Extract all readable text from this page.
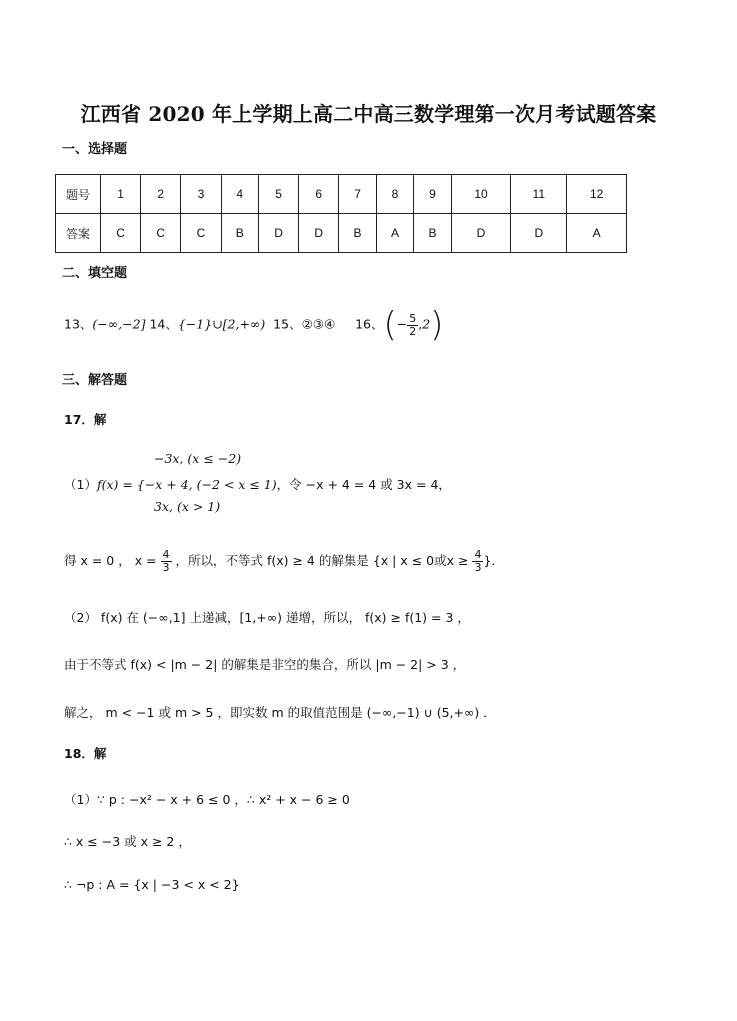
江西省 2020 年上学期上高二中高三数学理第一次月考试题答案
一、选择题
题号	1	2	3	4	5	6	7	8	9	10	11	12
答案	C	C	C	B	D	D	B	A	B	D	D	A
二、填空题
13、(−∞,−2] 14、{−1}∪[2,+∞) 15、②③④ 16、(− $\frac{5}{2} ,2$)
三、解答题
17．解
−3x, (x ≤ −2)
（1）f(x) = {−x + 4, (−2 < x ≤ 1)，令 −x + 4 = 4 或 3x = 4，
3x, (x > 1)
得 x = 0 ， $x = \frac{4}{3}$ ，所以，不等式 f(x) ≥ 4 的解集是 {x | x ≤ 0或$x \ge \frac{4}{3}$ }．
（2） f(x) 在 (−∞,1] 上递减，[1,+∞) 递增，所以， f(x) ≥ f(1) = 3 ，
由于不等式 f(x) < |m − 2| 的解集是非空的集合，所以 |m − 2| > 3 ，
解之， m < −1 或 m > 5 ，即实数 m 的取值范围是 (−∞,−1) ∪ (5,+∞) ．
18．解
（1）∵ p : −x² − x + 6 ≤ 0 ，∴ x² + x − 6 ≥ 0
∴ x ≤ −3 或 x ≥ 2 ，
∴ ¬p : A = {x | −3 < x < 2}
